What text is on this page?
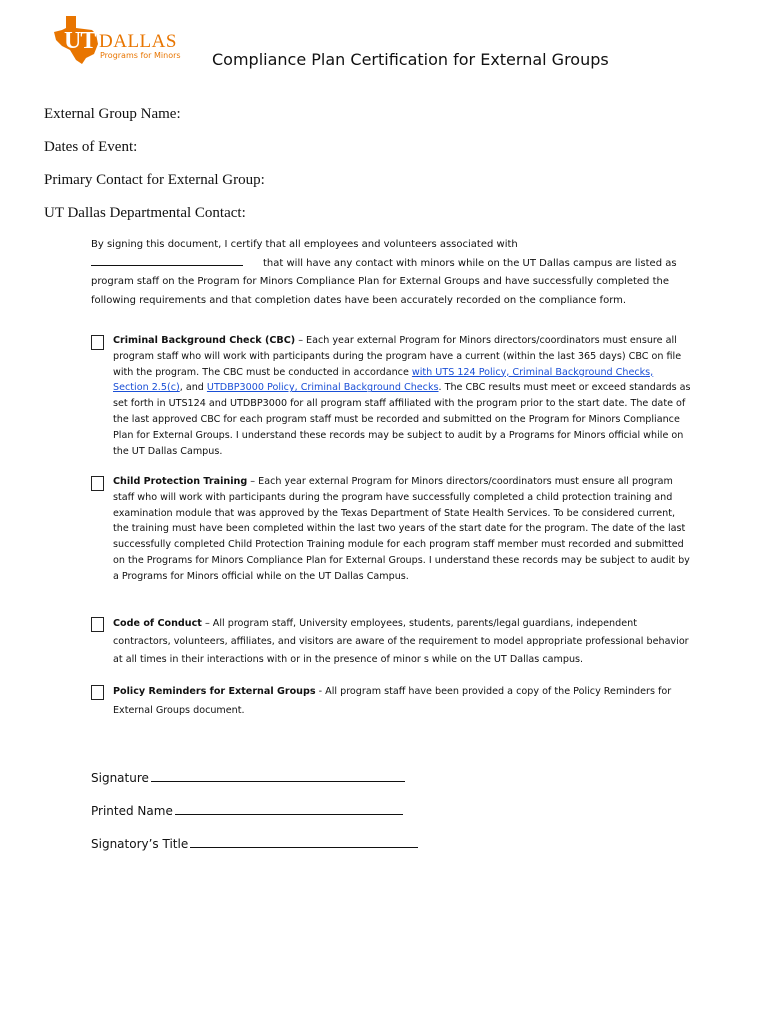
UT DALLAS
Programs for Minors Compliance Plan Certification for External Groups
External Group Name:
Dates of Event:
Primary Contact for External Group:
UT Dallas Departmental Contact:
By signing this document, I certify that all employees and volunteers associated with
that will have any contact with minors while on the UT Dallas campus are listed as program staff on the Program for Minors Compliance Plan for External Groups and have successfully completed the following requirements and that completion dates have been accurately recorded on the compliance form.
Criminal Background Check (CBC) – Each year external Program for Minors directors/coordinators must ensure all program staff who will work with participants during the program have a current (within the last 365 days) CBC on file with the program. The CBC must be conducted in accordance with UTS 124 Policy, Criminal Background Checks, Section 2.5(c), and UTDBP3000 Policy, Criminal Background Checks. The CBC results must meet or exceed standards as set forth in UTS124 and UTDBP3000 for all program staff affiliated with the program prior to the start date. The date of the last approved CBC for each program staff must be recorded and submitted on the Program for Minors Compliance Plan for External Groups. I understand these records may be subject to audit by a Programs for Minors official while on the UT Dallas Campus.
Child Protection Training – Each year external Program for Minors directors/coordinators must ensure all program staff who will work with participants during the program have successfully completed a child protection training and examination module that was approved by the Texas Department of State Health Services. To be considered current, the training must have been completed within the last two years of the start date for the program. The date of the last successfully completed Child Protection Training module for each program staff member must recorded and submitted on the Programs for Minors Compliance Plan for External Groups. I understand these records may be subject to audit by a Programs for Minors official while on the UT Dallas Campus.
Code of Conduct – All program staff, University employees, students, parents/legal guardians, independent contractors, volunteers, affiliates, and visitors are aware of the requirement to model appropriate professional behavior at all times in their interactions with or in the presence of minor s while on the UT Dallas campus.
Policy Reminders for External Groups - All program staff have been provided a copy of the Policy Reminders for External Groups document.
Signature
Printed Name
Signatory’s Title
